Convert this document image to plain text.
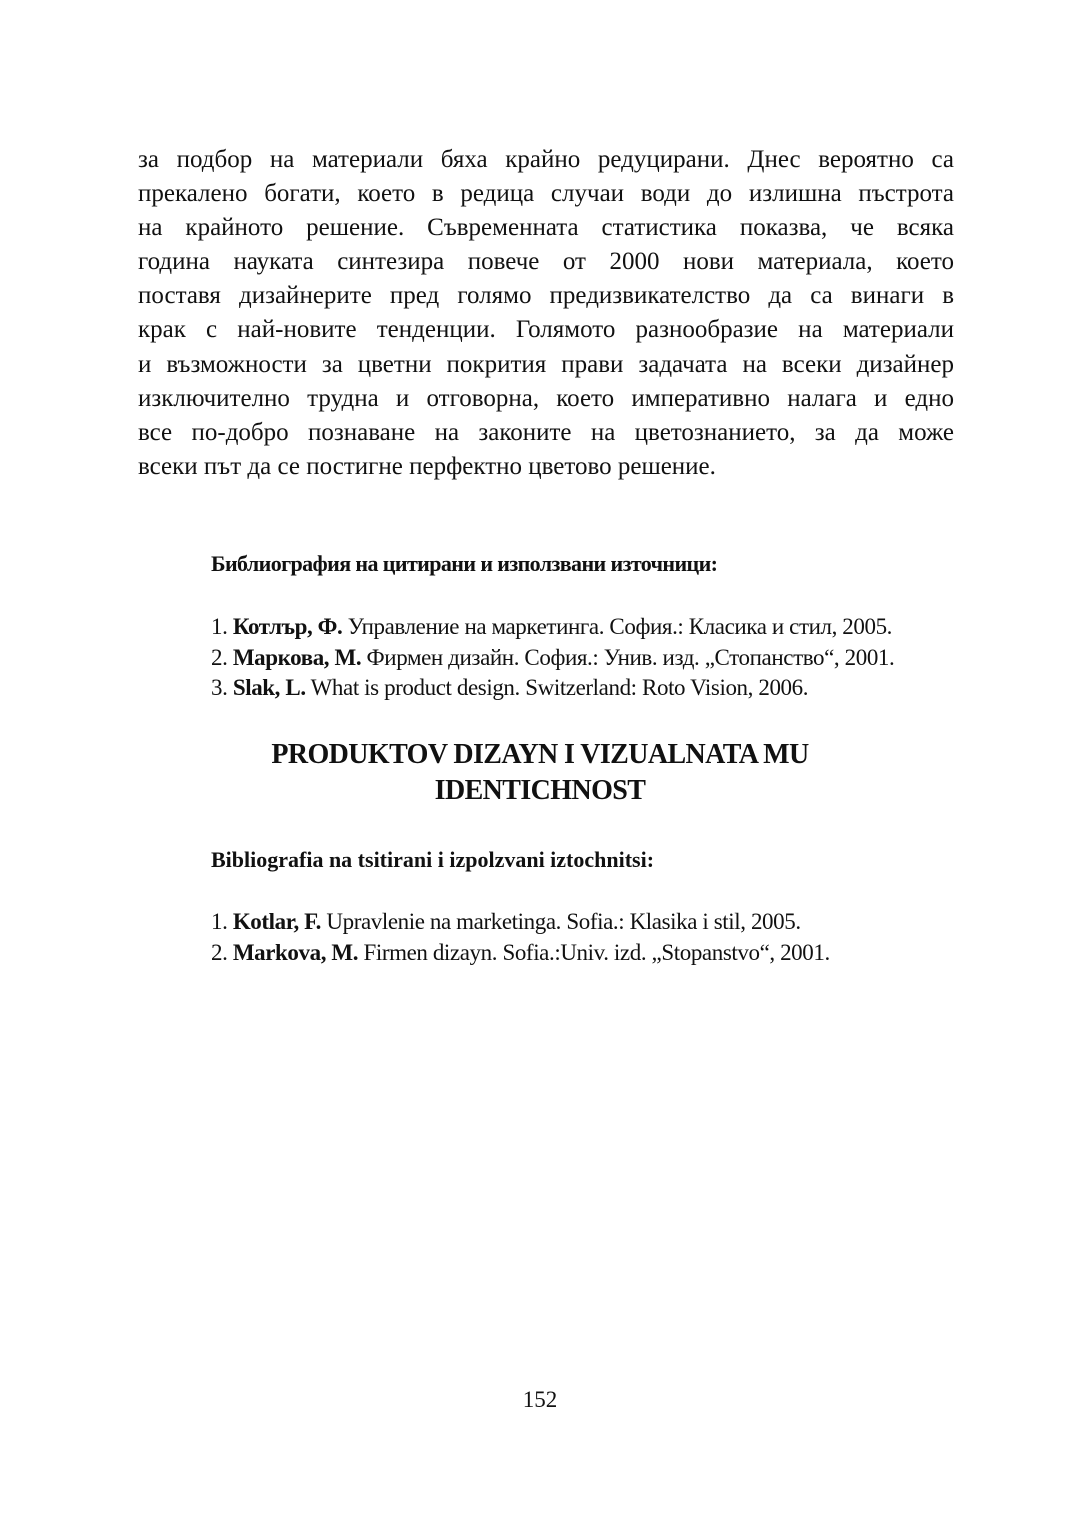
за подбор на материали бяха крайно редуцирани. Днес вероятно са
прекалено богати, което в редица случаи води до излишна пъстрота
на крайното решение. Съвременната статистика показва, че всяка
година науката синтезира повече от 2000 нови материала, което
поставя дизайнерите пред голямо предизвикателство да са винаги в
крак с най-новите тенденции. Голямото разнообразие на материали
и възможности за цветни покрития прави задачата на всеки дизайнер
изключително трудна и отговорна, което императивно налага и едно
все по-добро познаване на законите на цветознанието, за да може
всеки път да се постигне перфектно цветово решение.
Библиография на цитирани и използвани източници:
1. Котлър, Ф. Управление на маркетинга. София.: Класика и стил, 2005.
2. Маркова, М. Фирмен дизайн. София.: Унив. изд. „Стопанство“, 2001.
3. Slak, L. What is product design. Switzerland: Roto Vision, 2006.
PRODUKTOV DIZAYN I VIZUALNATA MU
IDENTICHNOST
Bibliografia na tsitirani i izpolzvani iztochnitsi:
1. Kotlar, F. Upravlenie na marketinga. Sofia.: Klasika i stil, 2005.
2. Markova, M. Firmen dizayn. Sofia.:Univ. izd. „Stopanstvo“, 2001.
152
